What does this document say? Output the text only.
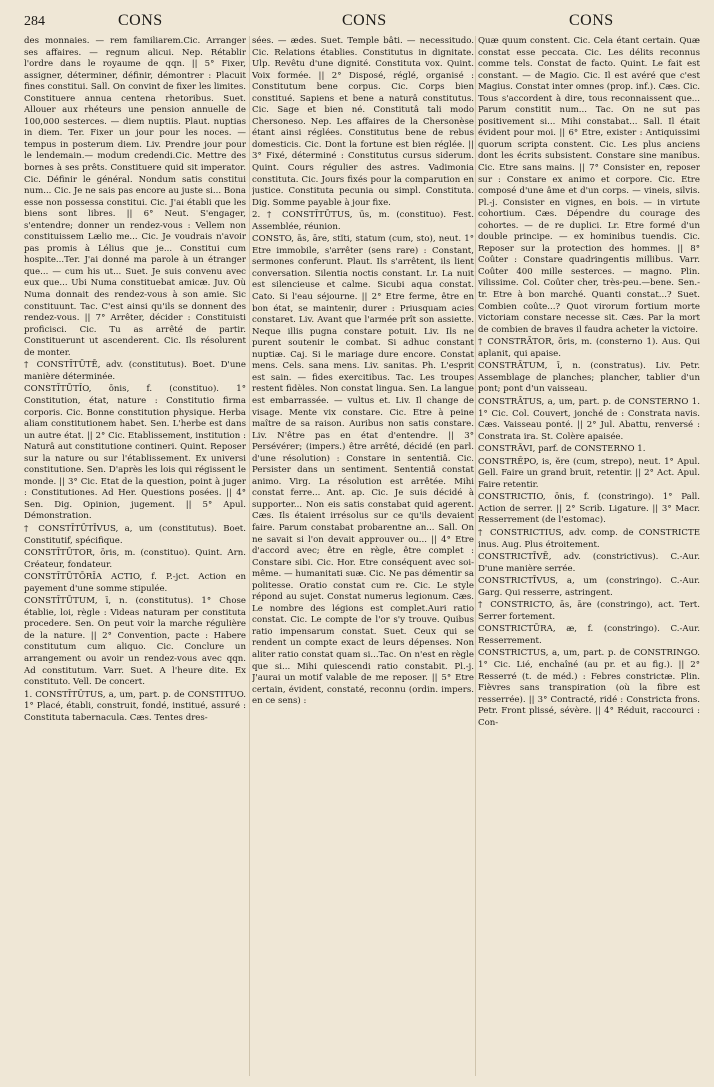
284	CONS	CONS	CONS

des monnaies. — rem familiarem.Cic. Arranger ses affaires. — regnum alicui. Nep. Rétablir l'ordre dans le royaume de qqn. || 5° Fixer, assigner, déterminer, définir, démontrer : Placuit fines constitui. Sall. On convint de fixer les limites. Constituere annua centena rhetoribus. Suet. Allouer aux rhéteurs une pension annuelle de 100,000 sesterces. — diem nuptiis. Plaut. nuptias in diem. Ter. Fixer un jour pour les noces. — tempus in posterum diem. Liv. Prendre jour pour le lendemain.— modum credendi.Cic. Mettre des bornes à ses prêts. Constituere quid sit imperator. Cic. Définir le général. Nondum satis constitui num... Cic. Je ne sais pas encore au juste si... Bona esse non possessa constitui. Cic. J'ai établi que les biens sont libres. || 6° Neut. S'engager, s'entendre; donner un rendez-vous : Vellem non constituissem Lælio me... Cic. Je voudrais n'avoir pas promis à Lélius que je... Constitui cum hospite...Ter. J'ai donné ma parole à un étranger que... — cum his ut... Suet. Je suis convenu avec eux que... Ubi Numa constituebat amicæ. Juv. Où Numa donnait des rendez-vous à son amie. Sic constituunt. Tac. C'est ainsi qu'ils se donnent des rendez-vous. || 7° Arrêter, décider : Constituisti proficisci. Cic. Tu as arrêté de partir. Constituerunt ut ascenderent. Cic. Ils résolurent de monter.

† CONSTĬTŪTĒ, adv. (constitutus). Boet. D'une manière déterminée.

CONSTĬTŪTĬO, ōnis, f. (constituo). 1° Constitution, état, nature : Constitutio firma corporis. Cic. Bonne constitution physique. Herba aliam constitutionem habet. Sen. L'herbe est dans un autre état. || 2° Cic. Etablissement, institution : Naturâ aut constitutione contineri. Quint. Reposer sur la nature ou sur l'établissement. Ex universi constitutione. Sen. D'après les lois qui régissent le monde. || 3° Cic. Etat de la question, point à juger : Constitutiones. Ad Her. Questions posées. || 4° Sen. Dig. Opinion, jugement. || 5° Apul. Démonstration.

† CONSTĬTŪTĪVUS, a, um (constitutus). Boet. Constitutif, spécifique.

CONSTĬTŪTOR, ōris, m. (constituo). Quint. Arn. Créateur, fondateur.

CONSTĬTŪTŌRĬA ACTIO, f. P.-jct. Action en payement d'une somme stipulée.

CONSTĬTŪTUM, ī, n. (constitutus). 1° Chose établie, loi, règle : Videas naturam per constituta procedere. Sen. On peut voir la marche régulière de la nature. || 2° Convention, pacte : Habere constitutum cum aliquo. Cic. Conclure un arrangement ou avoir un rendez-vous avec qqn. Ad constitutum. Varr. Suet. A l'heure dite. Ex constituto. Vell. De concert.

1. CONSTĬTŪTUS, a, um, part. p. de CONSTITUO. 1° Placé, établi, construit, fondé, institué, assuré : Constituta tabernacula. Cæs. Tentes dres-

sées. — ædes. Suet. Temple bâti. — necessitudo. Cic. Relations établies. Constitutus in dignitate. Ulp. Revêtu d'une dignité. Constituta vox. Quint. Voix formée. || 2° Disposé, réglé, organisé : Constitutum bene corpus. Cic. Corps bien constitué. Sapiens et bene a naturâ constitutus. Cic. Sage et bien né. Constitutâ tali modo Chersoneso. Nep. Les affaires de la Chersonèse étant ainsi réglées. Constitutus bene de rebus domesticis. Cic. Dont la fortune est bien réglée. || 3° Fixé, déterminé : Constitutus cursus siderum. Quint. Cours régulier des astres. Vadimonia constituta. Cic. Jours fixés pour la comparution en justice. Constituta pecunia ou simpl. Constituta. Dig. Somme payable à jour fixe.

2. † CONSTĬTŪTUS, ūs, m. (constituo). Fest. Assemblée, réunion.

CONSTO, ās, āre, stĭti, statum (cum, sto), neut. 1° Etre immobile, s'arrêter (sens rare) : Constant, sermones conferunt. Plaut. Ils s'arrêtent, ils lient conversation. Silentia noctis constant. Lr. La nuit est silencieuse et calme. Sicubi aqua constat. Cato. Si l'eau séjourne. || 2° Etre ferme, être en bon état, se maintenir, durer : Priusquam acies constaret. Liv. Avant que l'armée prît son assiette. Neque illis pugna constare potuit. Liv. Ils ne purent soutenir le combat. Si adhuc constant nuptiæ. Caj. Si le mariage dure encore. Constat mens. Cels. sana mens. Liv. sanitas. Ph. L'esprit est sain. — fides exercitibus. Tac. Les troupes restent fidèles. Non constat lingua. Sen. La langue est embarrassée. — vultus et. Liv. Il change de visage. Mente vix constare. Cic. Etre à peine maître de sa raison. Auribus non satis constare. Liv. N'être pas en état d'entendre. || 3° Persévérer; (impers.) être arrêté, décidé (en parl. d'une résolution) : Constare in sententiâ. Cic. Persister dans un sentiment. Sententiâ constat animo. Virg. La résolution est arrêtée. Mihi constat ferre... Ant. ap. Cic. Je suis décidé à supporter... Non eis satis constabat quid agerent. Cæs. Ils étaient irrésolus sur ce qu'ils devaient faire. Parum constabat probarentne an... Sall. On ne savait si l'on devait approuver ou... || 4° Etre d'accord avec; être en règle, être complet : Constare sibi. Cic. Hor. Etre conséquent avec soi-même. — humanitati suæ. Cic. Ne pas démentir sa politesse. Oratio constat cum re. Cic. Le style répond au sujet. Constat numerus legionum. Cæs. Le nombre des légions est complet.Auri ratio constat. Cic. Le compte de l'or s'y trouve. Quibus ratio impensarum constat. Suet. Ceux qui se rendent un compte exact de leurs dépenses. Non aliter ratio constat quam si...Tac. On n'est en règle que si... Mihi quiescendi ratio constabit. Pl.-j. J'aurai un motif valable de me reposer. || 5° Etre certain, évident, constaté, reconnu (ordin. impers. en ce sens) :

Quæ quum constent. Cic. Cela étant certain. Quæ constat esse peccata. Cic. Les délits reconnus comme tels. Constat de facto. Quint. Le fait est constant. — de Magio. Cic. Il est avéré que c'est Magius. Constat inter omnes (prop. inf.). Cæs. Cic. Tous s'accordent à dire, tous reconnaissent que... Parum constitit num... Tac. On ne sut pas positivement si... Mihi constabat... Sall. Il était évident pour moi. || 6° Etre, exister : Antiquissimi quorum scripta constent. Cic. Les plus anciens dont les écrits subsistent. Constare sine manibus. Cic. Etre sans mains. || 7° Consister en, reposer sur : Constare ex animo et corpore. Cic. Etre composé d'une âme et d'un corps. — vineis, silvis. Pl.-j. Consister en vignes, en bois. — in virtute cohortium. Cæs. Dépendre du courage des cohortes. — de re duplici. Lr. Etre formé d'un double principe. — ex hominibus tuendis. Cic. Reposer sur la protection des hommes. || 8° Coûter : Constare quadringentis millibus. Varr. Coûter 400 mille sesterces. — magno. Plin. vilissime. Col. Coûter cher, très-peu.—bene. Sen.-tr. Etre à bon marché. Quanti constat...? Suet. Combien coûte...? Quot virorum fortium morte victoriam constare necesse sit. Cæs. Par la mort de combien de braves il faudra acheter la victoire.

† CONSTRĀTOR, ōris, m. (consterno 1). Aus. Qui aplanit, qui apaise.

CONSTRĀTUM, ī, n. (constratus). Liv. Petr. Assemblage de planches; plancher, tablier d'un pont; pont d'un vaisseau.

CONSTRĀTUS, a, um, part. p. de CONSTERNO 1. 1° Cic. Col. Couvert, jonché de : Constrata navis. Cæs. Vaisseau ponté. || 2° Jul. Abattu, renversé : Constrata ira. St. Colère apaisée.

CONSTRĀVI, parf. de CONSTERNO 1.

CONSTRĔPO, is, ĕre (cum, strepo), neut. 1° Apul. Gell. Faire un grand bruit, retentir. || 2° Act. Apul. Faire retentir.

CONSTRICTIO, ōnis, f. (constringo). 1° Pall. Action de serrer. || 2° Scrib. Ligature. || 3° Macr. Resserrement (de l'estomac).

† CONSTRICTIUS, adv. comp. de CONSTRICTE inus. Aug. Plus étroitement.

CONSTRICTĪVĒ, adv. (constrictivus). C.-Aur. D'une manière serrée.

CONSTRICTĪVUS, a, um (constringo). C.-Aur. Garg. Qui resserre, astringent.

† CONSTRICTO, ās, āre (constringo), act. Tert. Serrer fortement.

CONSTRICTŪRA, æ, f. (constringo). C.-Aur. Resserrement.

CONSTRICTUS, a, um, part. p. de CONSTRINGO. 1° Cic. Lié, enchaîné (au pr. et au fig.). || 2° Resserré (t. de méd.) : Febres constrictæ. Plin. Fièvres sans transpiration (où la fibre est resserrée). || 3° Contracté, ridé : Constricta frons. Petr. Front plissé, sévère. || 4° Réduit, raccourci : Con-
